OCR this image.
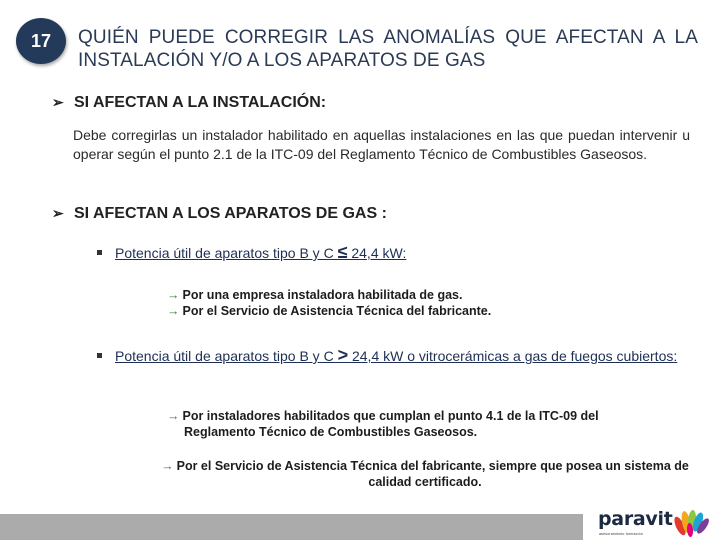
17 QUIÉN PUEDE CORREGIR LAS ANOMALÍAS QUE AFECTAN A LA INSTALACIÓN Y/O A LOS APARATOS DE GAS
➢ SI AFECTAN A LA INSTALACIÓN:
Debe corregirlas un instalador habilitado en aquellas instalaciones en las que puedan intervenir u operar según el punto 2.1 de la ITC-09 del Reglamento Técnico de Combustibles Gaseosos.
➢ SI AFECTAN A LOS APARATOS DE GAS :
Potencia útil de aparatos tipo B y C ≤ 24,4 kW:
→ Por una empresa instaladora habilitada de gas.
→ Por el Servicio de Asistencia Técnica del fabricante.
Potencia útil de aparatos tipo B y C > 24,4 kW o vitrocerámicas a gas de fuegos cubiertos:
→ Por instaladores habilitados que cumplan el punto 4.1 de la ITC-09 del Reglamento Técnico de Combustibles Gaseosos.
→ Por el Servicio de Asistencia Técnica del fabricante, siempre que posea un sistema de calidad certificado.
paravit
asesoramiento formación
